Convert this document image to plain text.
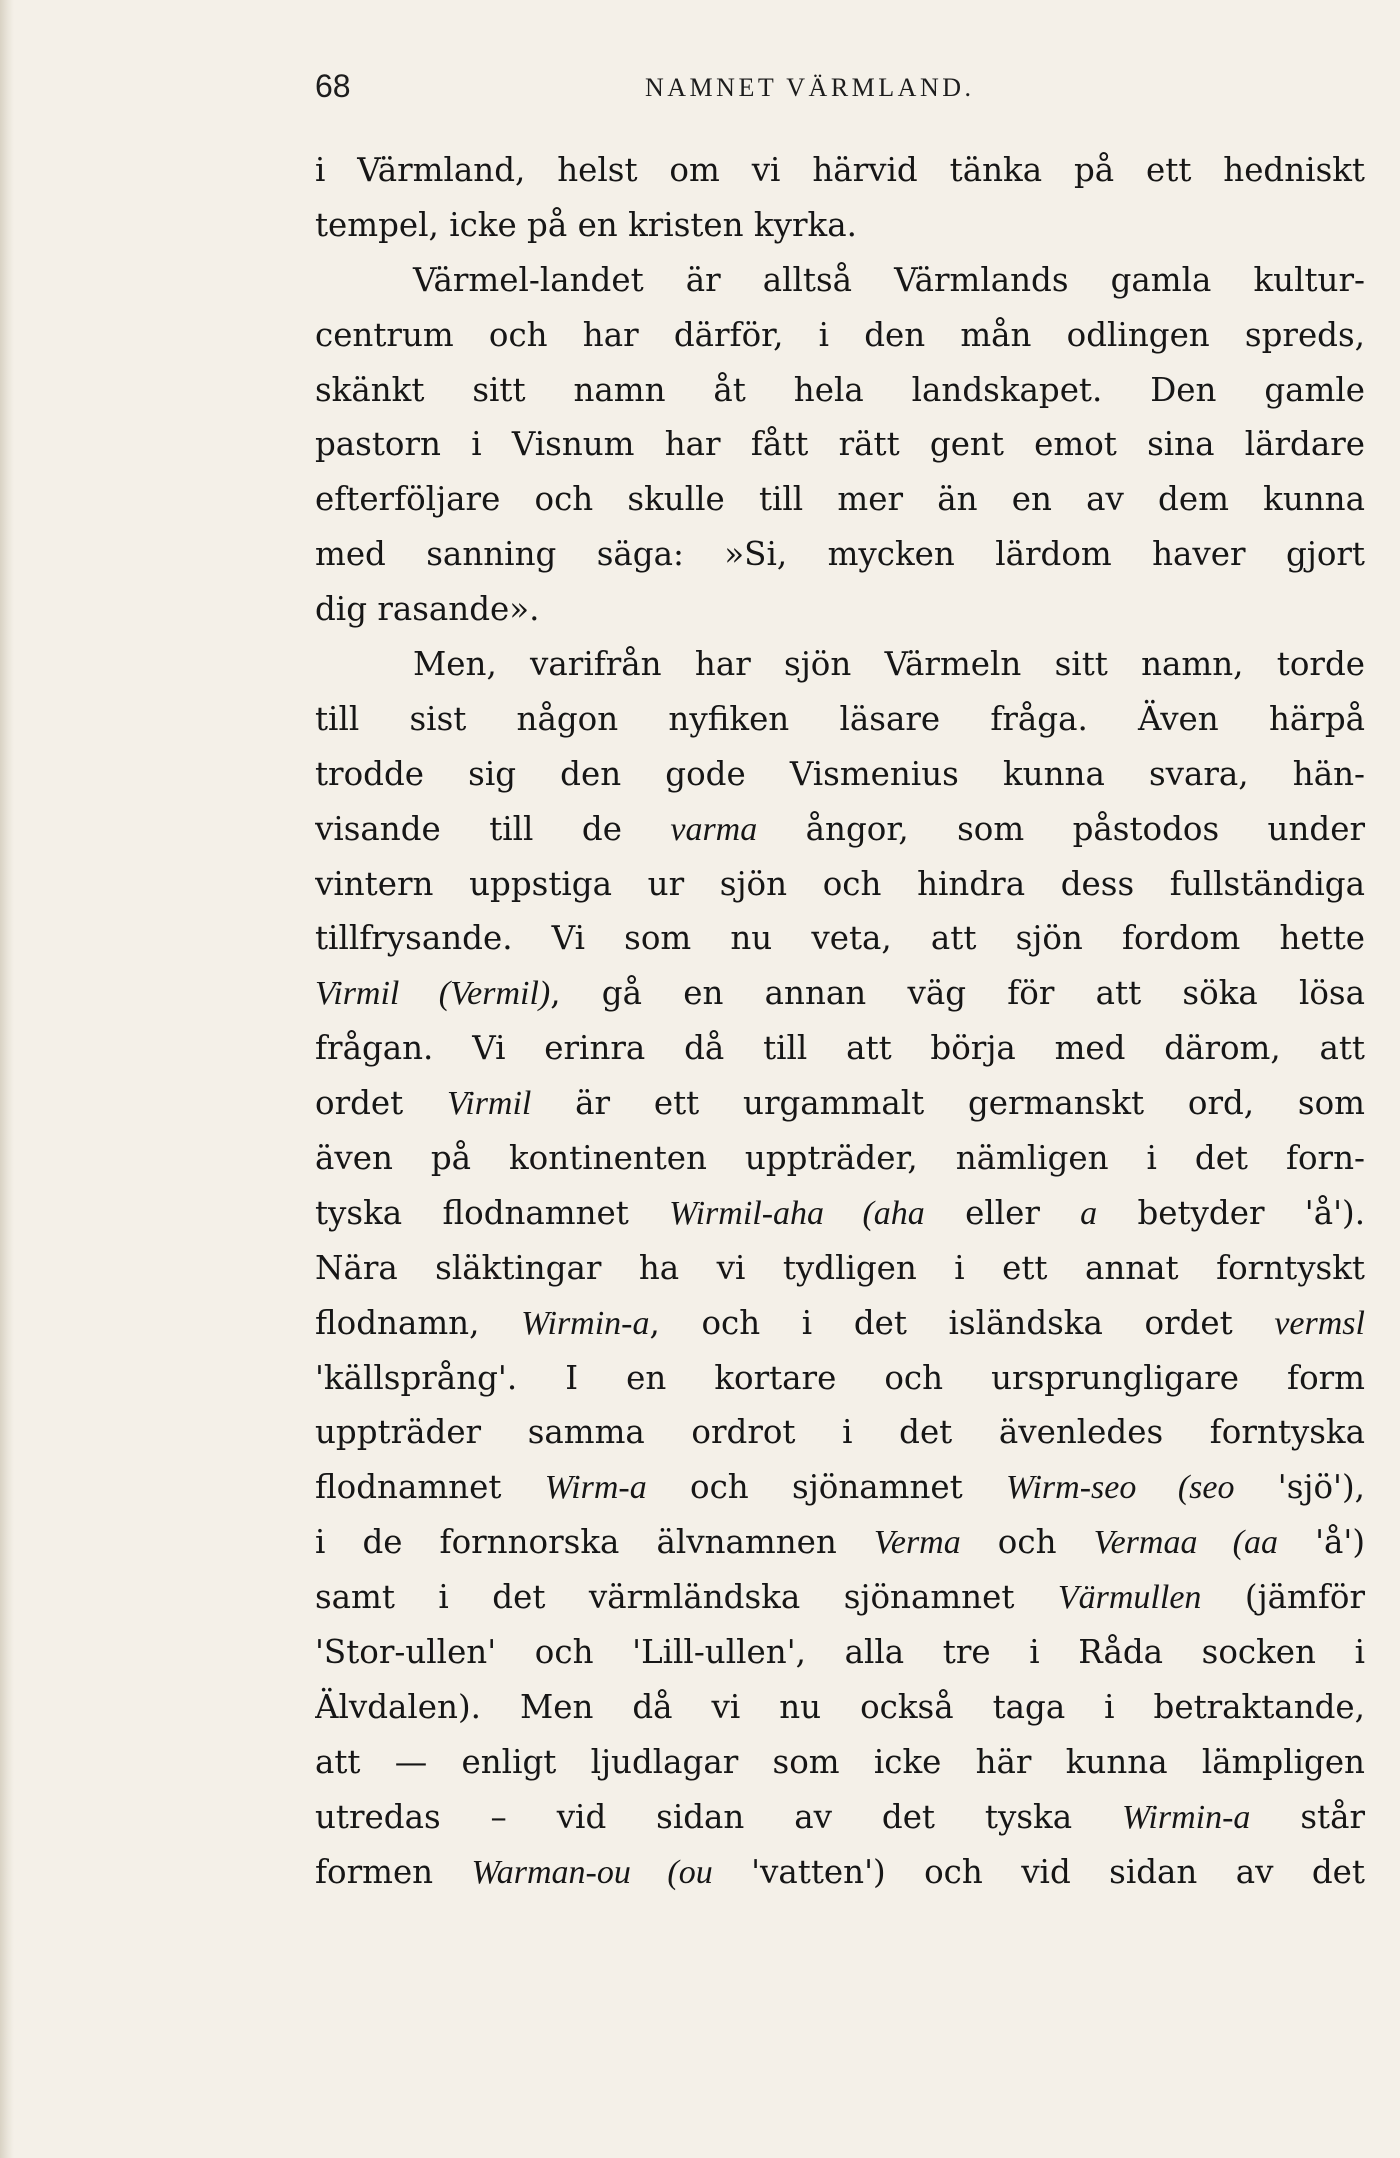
68	NAMNET VÄRMLAND.
i Värmland, helst om vi härvid tänka på ett hedniskt
tempel, icke på en kristen kyrka.
Värmel-landet är alltså Värmlands gamla kultur-
centrum och har därför, i den mån odlingen spreds,
skänkt sitt namn åt hela landskapet. Den gamle
pastorn i Visnum har fått rätt gent emot sina lärdare
efterföljare och skulle till mer än en av dem kunna
med sanning säga: »Si, mycken lärdom haver gjort
dig rasande».
Men, varifrån har sjön Värmeln sitt namn, torde
till sist någon nyfiken läsare fråga. Även härpå
trodde sig den gode Vismenius kunna svara, hän-
visande till de varma ångor, som påstodos under
vintern uppstiga ur sjön och hindra dess fullständiga
tillfrysande. Vi som nu veta, att sjön fordom hette
Virmil (Vermil), gå en annan väg för att söka lösa
frågan. Vi erinra då till att börja med därom, att
ordet Virmil är ett urgammalt germanskt ord, som
även på kontinenten uppträder, nämligen i det forn-
tyska flodnamnet Wirmil-aha (aha eller a betyder 'å').
Nära släktingar ha vi tydligen i ett annat forntyskt
flodnamn, Wirmin-a, och i det isländska ordet vermsl
'källsprång'. I en kortare och ursprungligare form
uppträder samma ordrot i det ävenledes forntyska
flodnamnet Wirm-a och sjönamnet Wirm-seo (seo 'sjö'),
i de fornnorska älvnamnen Verma och Vermaa (aa 'å')
samt i det värmländska sjönamnet Värmullen (jämför
'Stor-ullen' och 'Lill-ullen', alla tre i Råda socken i
Älvdalen). Men då vi nu också taga i betraktande,
att — enligt ljudlagar som icke här kunna lämpligen
utredas – vid sidan av det tyska Wirmin-a står
formen Warman-ou (ou 'vatten') och vid sidan av det
